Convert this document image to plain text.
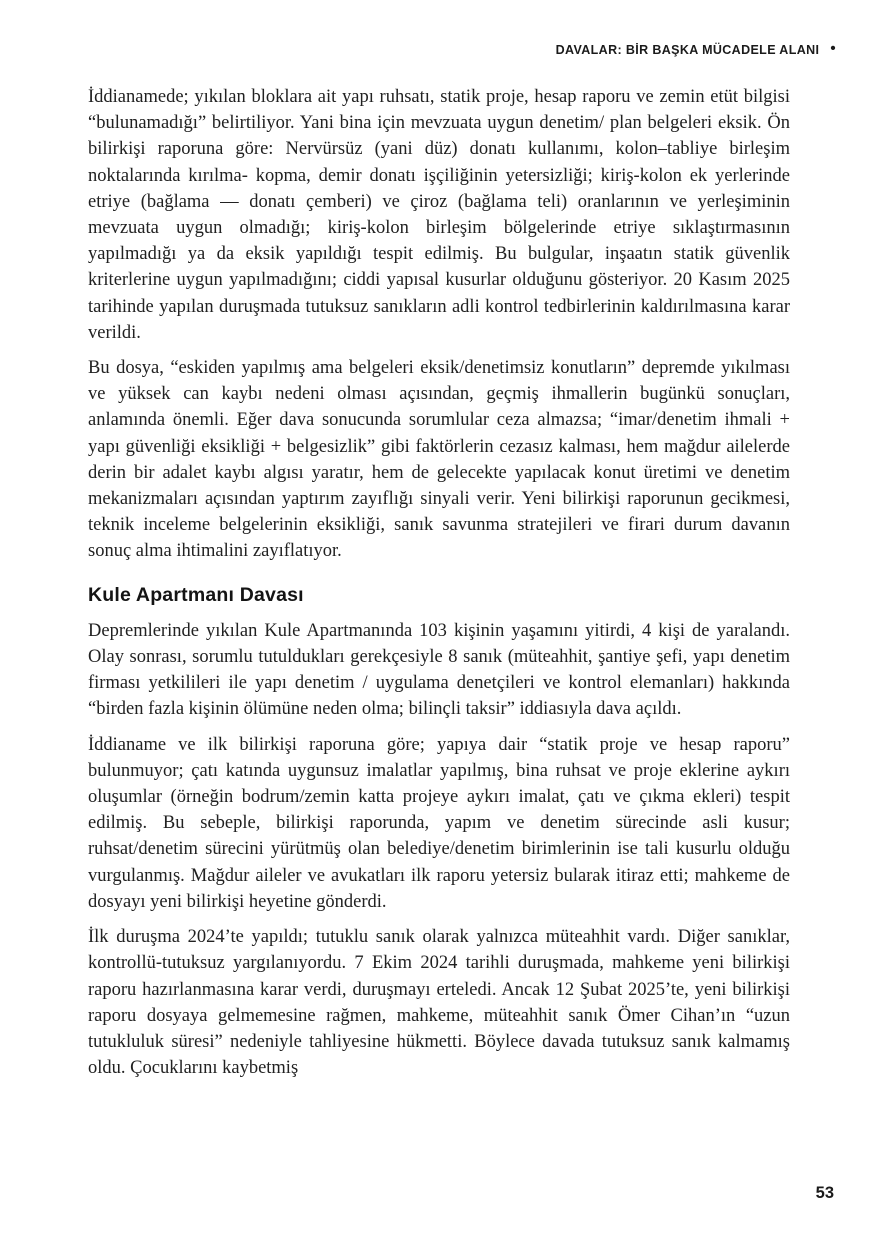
DAVALAR: BİR BAŞKA MÜCADELE ALANI •

İddianamede; yıkılan bloklara ait yapı ruhsatı, statik proje, hesap raporu ve zemin etüt bilgisi “bulunamadığı” belirtiliyor. Yani bina için mevzuata uygun denetim/ plan belgeleri eksik. Ön bilirkişi raporuna göre: Nervürsüz (yani düz) donatı kullanımı, kolon–tabliye birleşim noktalarında kırılma- kopma, demir donatı işçiliğinin yetersizliği; kiriş-kolon ek yerlerinde etriye (bağlama — donatı çemberi) ve çiroz (bağlama teli) oranlarının ve yerleşiminin mevzuata uygun olmadığı; kiriş-kolon birleşim bölgelerinde etriye sıklaştırmasının yapılmadığı ya da eksik yapıldığı tespit edilmiş. Bu bulgular, inşaatın statik güvenlik kriterlerine uygun yapılmadığını; ciddi yapısal kusurlar olduğunu gösteriyor. 20 Kasım 2025 tarihinde yapılan duruşmada tutuksuz sanıkların adli kontrol tedbirlerinin kaldırılmasına karar verildi.

Bu dosya, “eskiden yapılmış ama belgeleri eksik/denetimsiz konutların” depremde yıkılması ve yüksek can kaybı nedeni olması açısından, geçmiş ihmallerin bugünkü sonuçları, anlamında önemli. Eğer dava sonucunda sorumlular ceza almazsa; “imar/denetim ihmali + yapı güvenliği eksikliği + belgesizlik” gibi faktörlerin cezasız kalması, hem mağdur ailelerde derin bir adalet kaybı algısı yaratır, hem de gelecekte yapılacak konut üretimi ve denetim mekanizmaları açısından yaptırım zayıflığı sinyali verir. Yeni bilirkişi raporunun gecikmesi, teknik inceleme belgelerinin eksikliği, sanık savunma stratejileri ve firari durum davanın sonuç alma ihtimalini zayıflatıyor.

Kule Apartmanı Davası

Depremlerinde yıkılan Kule Apartmanında 103 kişinin yaşamını yitirdi, 4 kişi de yaralandı. Olay sonrası, sorumlu tutuldukları gerekçesiyle 8 sanık (müteahhit, şantiye şefi, yapı denetim firması yetkilileri ile yapı denetim / uygulama denetçileri ve kontrol elemanları) hakkında “birden fazla kişinin ölümüne neden olma; bilinçli taksir” iddiasıyla dava açıldı.

İddianame ve ilk bilirkişi raporuna göre; yapıya dair “statik proje ve hesap raporu” bulunmuyor; çatı katında uygunsuz imalatlar yapılmış, bina ruhsat ve proje eklerine aykırı oluşumlar (örneğin bodrum/zemin katta projeye aykırı imalat, çatı ve çıkma ekleri) tespit edilmiş. Bu sebeple, bilirkişi raporunda, yapım ve denetim sürecinde asli kusur; ruhsat/denetim sürecini yürütmüş olan belediye/denetim birimlerinin ise tali kusurlu olduğu vurgulanmış. Mağdur aileler ve avukatları ilk raporu yetersiz bularak itiraz etti; mahkeme de dosyayı yeni bilirkişi heyetine gönderdi.

İlk duruşma 2024’te yapıldı; tutuklu sanık olarak yalnızca müteahhit vardı. Diğer sanıklar, kontrollü-tutuksuz yargılanıyordu. 7 Ekim 2024 tarihli duruşmada, mahkeme yeni bilirkişi raporu hazırlanmasına karar verdi, duruşmayı erteledi. Ancak 12 Şubat 2025’te, yeni bilirkişi raporu dosyaya gelmemesine rağmen, mahkeme, müteahhit sanık Ömer Cihan’ın “uzun tutukluluk süresi” nedeniyle tahliyesine hükmetti. Böylece davada tutuksuz sanık kalmamış oldu. Çocuklarını kaybetmiş

53
